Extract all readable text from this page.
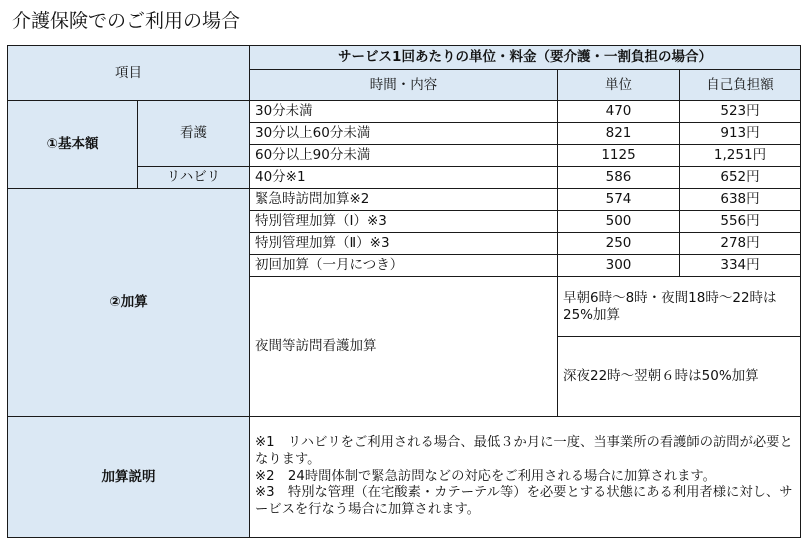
介護保険でのご利用の場合
項目		サービス1回あたりの単位・料金（要介護・一割負担の場合）		
		時間・内容	単位	自己負担額
①基本額	看護	30分未満	470	523円
		30分以上60分未満	821	913円
		60分以上90分未満	1125	1,251円
	リハビリ	40分※1	586	652円
②加算		緊急時訪問加算※2	574	638円
		特別管理加算（Ⅰ）※3	500	556円
		特別管理加算（Ⅱ）※3	250	278円
		初回加算（一月につき）	300	334円
		夜間等訪問看護加算	早朝6時～8時・夜間18時～22時は25%加算	
			深夜22時～翌朝６時は50%加算	
加算説明		※1　リハビリをご利用される場合、最低３か月に一度、当事業所の看護師の訪問が必要となります。
※2　24時間体制で緊急訪問などの対応をご利用される場合に加算されます。
※3　特別な管理（在宅酸素・カテーテル等）を必要とする状態にある利用者様に対し、サービスを行なう場合に加算されます。		
